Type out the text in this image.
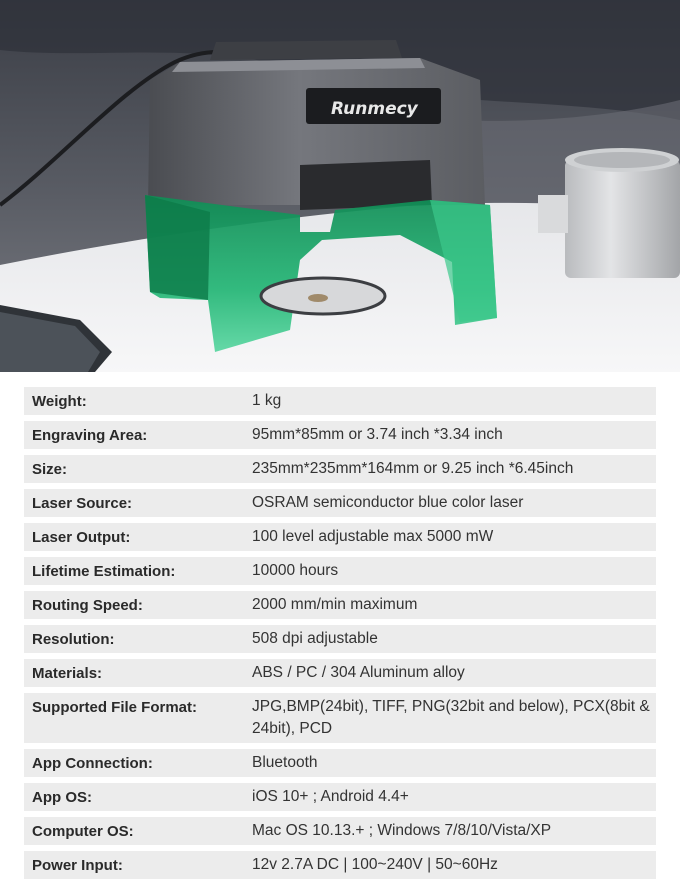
Runmecy
Weight:	1 kg
Engraving Area:	95mm*85mm or 3.74 inch *3.34 inch
Size:	235mm*235mm*164mm or 9.25 inch *6.45inch
Laser Source:	OSRAM semiconductor blue color laser
Laser Output:	100 level adjustable max 5000 mW
Lifetime Estimation:	10000 hours
Routing Speed:	2000 mm/min maximum
Resolution:	508 dpi adjustable
Materials:	ABS / PC / 304 Aluminum alloy
Supported File Format:	JPG,BMP(24bit), TIFF, PNG(32bit and below), PCX(8bit & 24bit), PCD
App Connection:	Bluetooth
App OS:	iOS 10+ ; Android 4.4+
Computer OS:	Mac OS 10.13.+ ; Windows 7/8/10/Vista/XP
Power Input:	12v 2.7A DC | 100~240V | 50~60Hz
